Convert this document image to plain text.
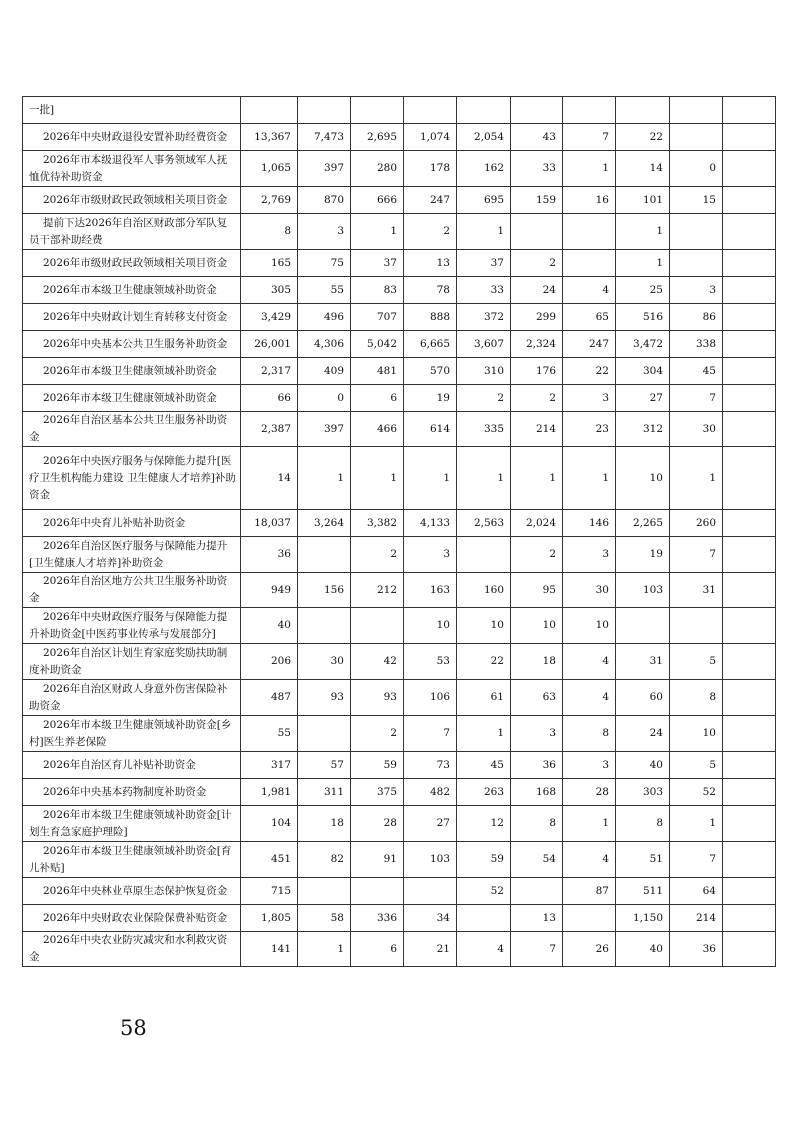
一批]										
2026年中央财政退役安置补助经费资金	13,367	7,473	2,695	1,074	2,054	43	7	22		
2026年市本级退役军人事务领域军人抚恤优待补助资金	1,065	397	280	178	162	33	1	14	0	
2026年市级财政民政领域相关项目资金	2,769	870	666	247	695	159	16	101	15	
提前下达2026年自治区财政部分军队复员干部补助经费	8	3	1	2	1			1		
2026年市级财政民政领域相关项目资金	165	75	37	13	37	2		1		
2026年市本级卫生健康领域补助资金	305	55	83	78	33	24	4	25	3	
2026年中央财政计划生育转移支付资金	3,429	496	707	888	372	299	65	516	86	
2026年中央基本公共卫生服务补助资金	26,001	4,306	5,042	6,665	3,607	2,324	247	3,472	338	
2026年市本级卫生健康领域补助资金	2,317	409	481	570	310	176	22	304	45	
2026年市本级卫生健康领域补助资金	66	0	6	19	2	2	3	27	7	
2026年自治区基本公共卫生服务补助资金	2,387	397	466	614	335	214	23	312	30	
2026年中央医疗服务与保障能力提升[医疗卫生机构能力建设 卫生健康人才培养]补助资金	14	1	1	1	1	1	1	10	1	
2026年中央育儿补贴补助资金	18,037	3,264	3,382	4,133	2,563	2,024	146	2,265	260	
2026年自治区医疗服务与保障能力提升[卫生健康人才培养]补助资金	36		2	3		2	3	19	7	
2026年自治区地方公共卫生服务补助资金	949	156	212	163	160	95	30	103	31	
2026年中央财政医疗服务与保障能力提升补助资金[中医药事业传承与发展部分]	40			10	10	10	10			
2026年自治区计划生育家庭奖励扶助制度补助资金	206	30	42	53	22	18	4	31	5	
2026年自治区财政人身意外伤害保险补助资金	487	93	93	106	61	63	4	60	8	
2026年市本级卫生健康领域补助资金[乡村]医生养老保险	55		2	7	1	3	8	24	10	
2026年自治区育儿补贴补助资金	317	57	59	73	45	36	3	40	5	
2026年中央基本药物制度补助资金	1,981	311	375	482	263	168	28	303	52	
2026年市本级卫生健康领域补助资金[计划生育急家庭护理险]	104	18	28	27	12	8	1	8	1	
2026年市本级卫生健康领域补助资金[育儿补贴]	451	82	91	103	59	54	4	51	7	
2026年中央林业草原生态保护恢复资金	715				52		87	511	64	
2026年中央财政农业保险保费补贴资金	1,805	58	336	34		13		1,150	214	
2026年中央农业防灾减灾和水利救灾资金	141	1	6	21	4	7	26	40	36	
58
